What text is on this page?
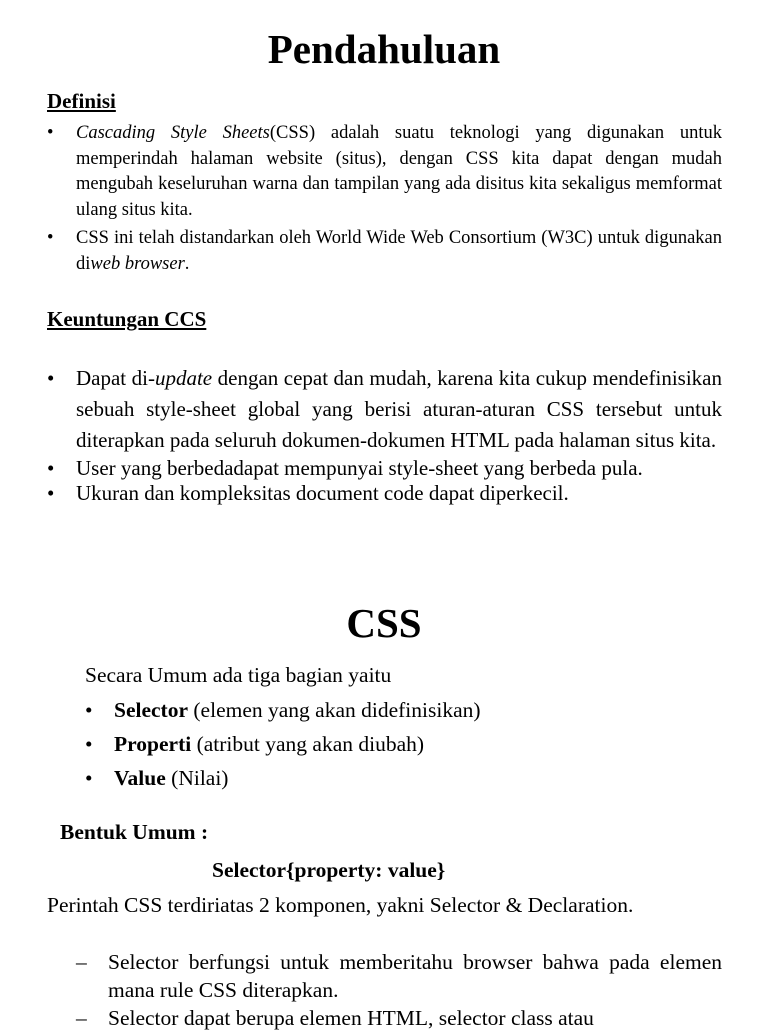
Pendahuluan
Definisi
• Cascading Style Sheets(CSS) adalah suatu teknologi yang digunakan untuk memperindah halaman website (situs), dengan CSS kita dapat dengan mudah mengubah keseluruhan warna dan tampilan yang ada disitus kita sekaligus memformat ulang situs kita.
• CSS ini telah distandarkan oleh World Wide Web Consortium (W3C) untuk digunakan diweb browser.
Keuntungan CCS
• Dapat di-update dengan cepat dan mudah, karena kita cukup mendefinisikan sebuah style-sheet global yang berisi aturan-aturan CSS tersebut untuk diterapkan pada seluruh dokumen-dokumen HTML pada halaman situs kita.
• User yang berbedadapat mempunyai style-sheet yang berbeda pula.
• Ukuran dan kompleksitas document code dapat diperkecil.
CSS

Secara Umum ada tiga bagian yaitu

• Selector (elemen yang akan didefinisikan)
• Properti (atribut yang akan diubah)
• Value (Nilai)

Bentuk Umum :

Selector{property: value}

Perintah CSS terdiriatas 2 komponen, yakni Selector & Declaration.

– Selector berfungsi untuk memberitahu browser bahwa pada elemen mana rule CSS diterapkan.
– Selector dapat berupa elemen HTML, selector class atau
